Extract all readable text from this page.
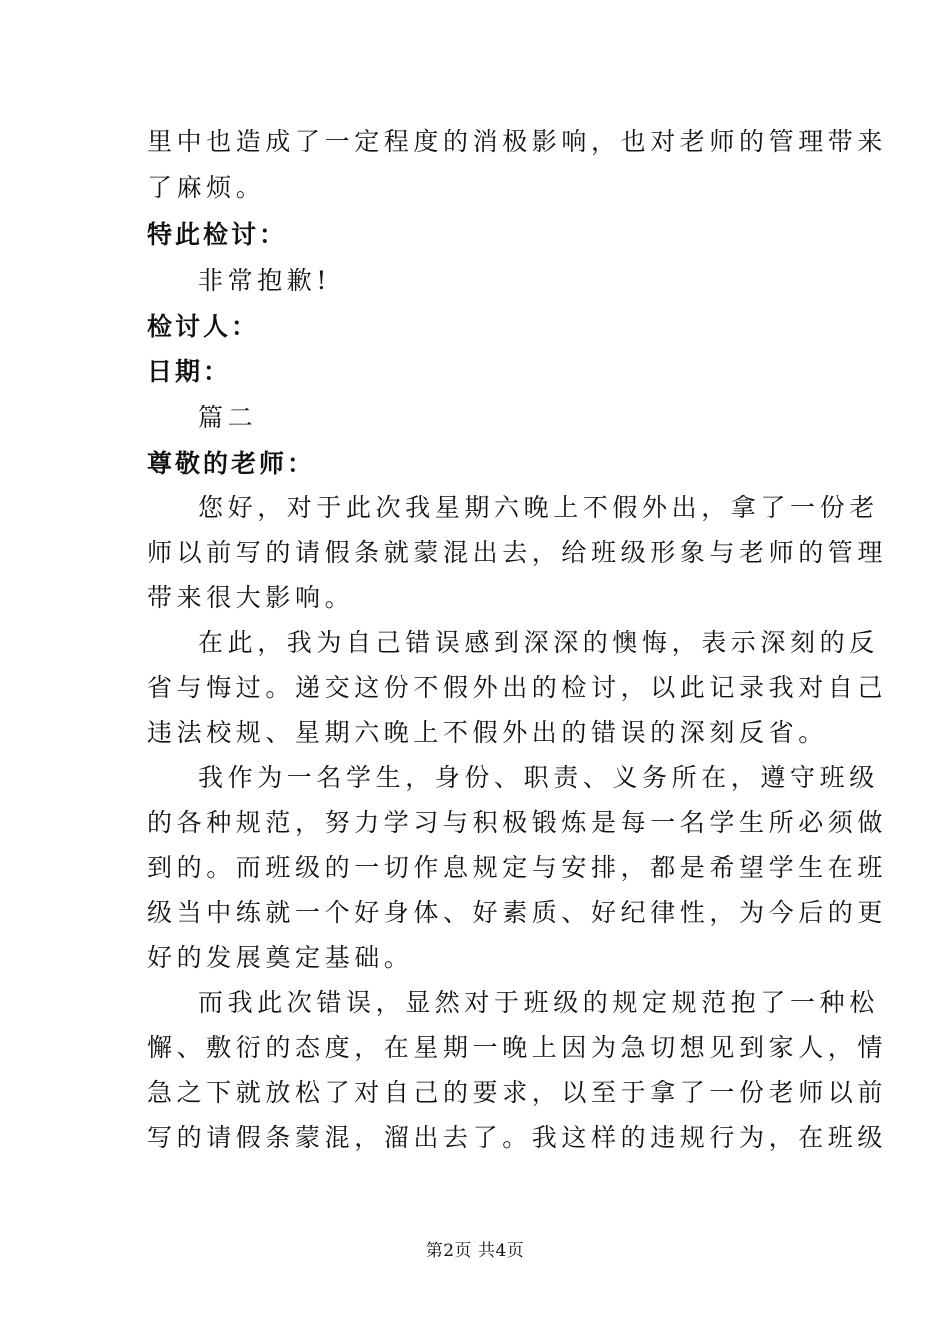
里中也造成了一定程度的消极影响，也对老师的管理带来
了麻烦。
特此检讨：
非常抱歉!
检讨人：
日期：
篇二
尊敬的老师：
您好，对于此次我星期六晚上不假外出，拿了一份老
师以前写的请假条就蒙混出去，给班级形象与老师的管理
带来很大影响。
在此，我为自己错误感到深深的懊悔，表示深刻的反
省与悔过。递交这份不假外出的检讨，以此记录我对自己
违法校规、星期六晚上不假外出的错误的深刻反省。
我作为一名学生，身份、职责、义务所在，遵守班级
的各种规范，努力学习与积极锻炼是每一名学生所必须做
到的。而班级的一切作息规定与安排，都是希望学生在班
级当中练就一个好身体、好素质、好纪律性，为今后的更
好的发展奠定基础。
而我此次错误，显然对于班级的规定规范抱了一种松
懈、敷衍的态度，在星期一晚上因为急切想见到家人，情
急之下就放松了对自己的要求，以至于拿了一份老师以前
写的请假条蒙混，溜出去了。我这样的违规行为，在班级
第2页 共4页
